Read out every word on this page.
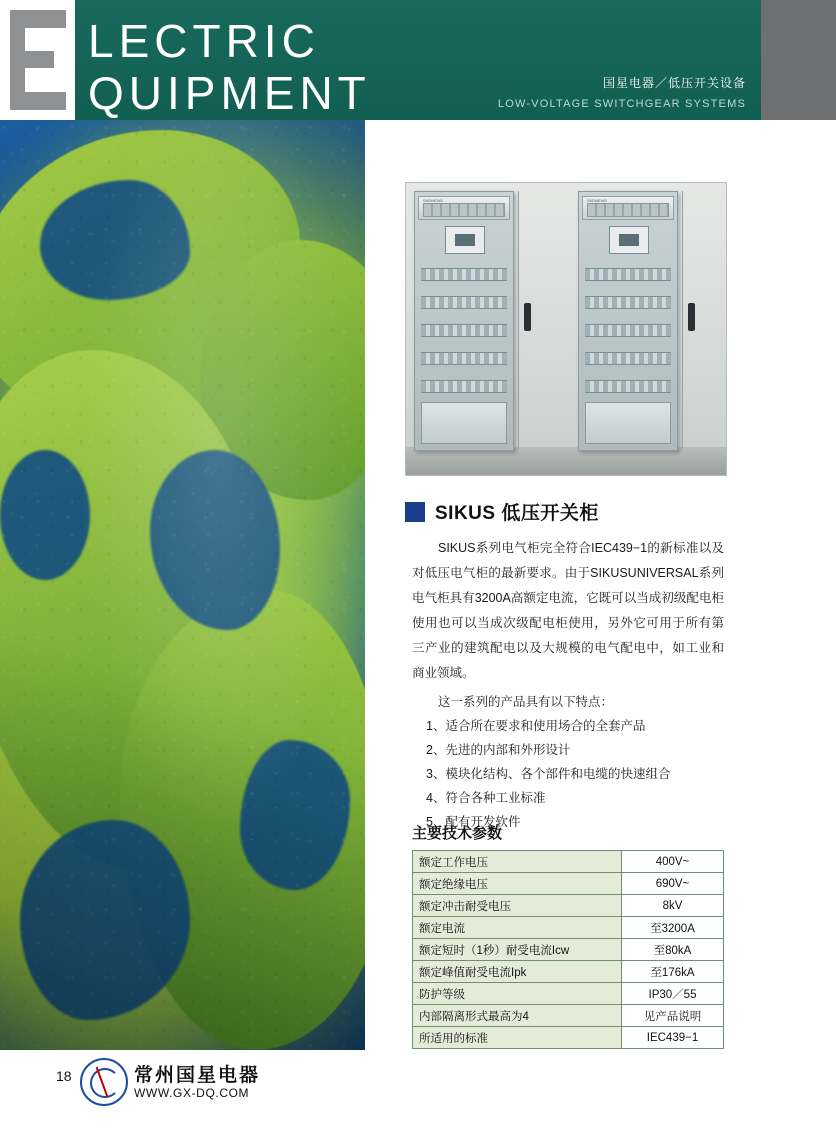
LECTRIC
QUIPMENT	国星电器／低压开关设备
LOW-VOLTAGE SWITCHGEAR SYSTEMS
SIEMENS	SIEMENS
SIKUS 低压开关柜

SIKUS系列电气柜完全符合IEC439−1的新标准以及对低压电气柜的最新要求。由于SIKUSUNIVERSAL系列电气柜具有3200A高额定电流，它既可以当成初级配电柜使用也可以当成次级配电柜使用，另外它可用于所有第三产业的建筑配电以及大规模的电气配电中，如工业和商业领域。

这一系列的产品具有以下特点：
1、适合所在要求和使用场合的全套产品
2、先进的内部和外形设计
3、模块化结构、各个部件和电缆的快速组合
4、符合各种工业标准
5、配有开发软件
主要技术参数
额定工作电压	400V~
额定绝缘电压	690V~
额定冲击耐受电压	8kV
额定电流	至3200A
额定短时（1秒）耐受电流Icw	至80kA
额定峰值耐受电流Ipk	至176kA
防护等级	IP30／55
内部隔离形式最高为4	见产品说明
所适用的标准	IEC439−1
18	常州国星电器
WWW.GX-DQ.COM
